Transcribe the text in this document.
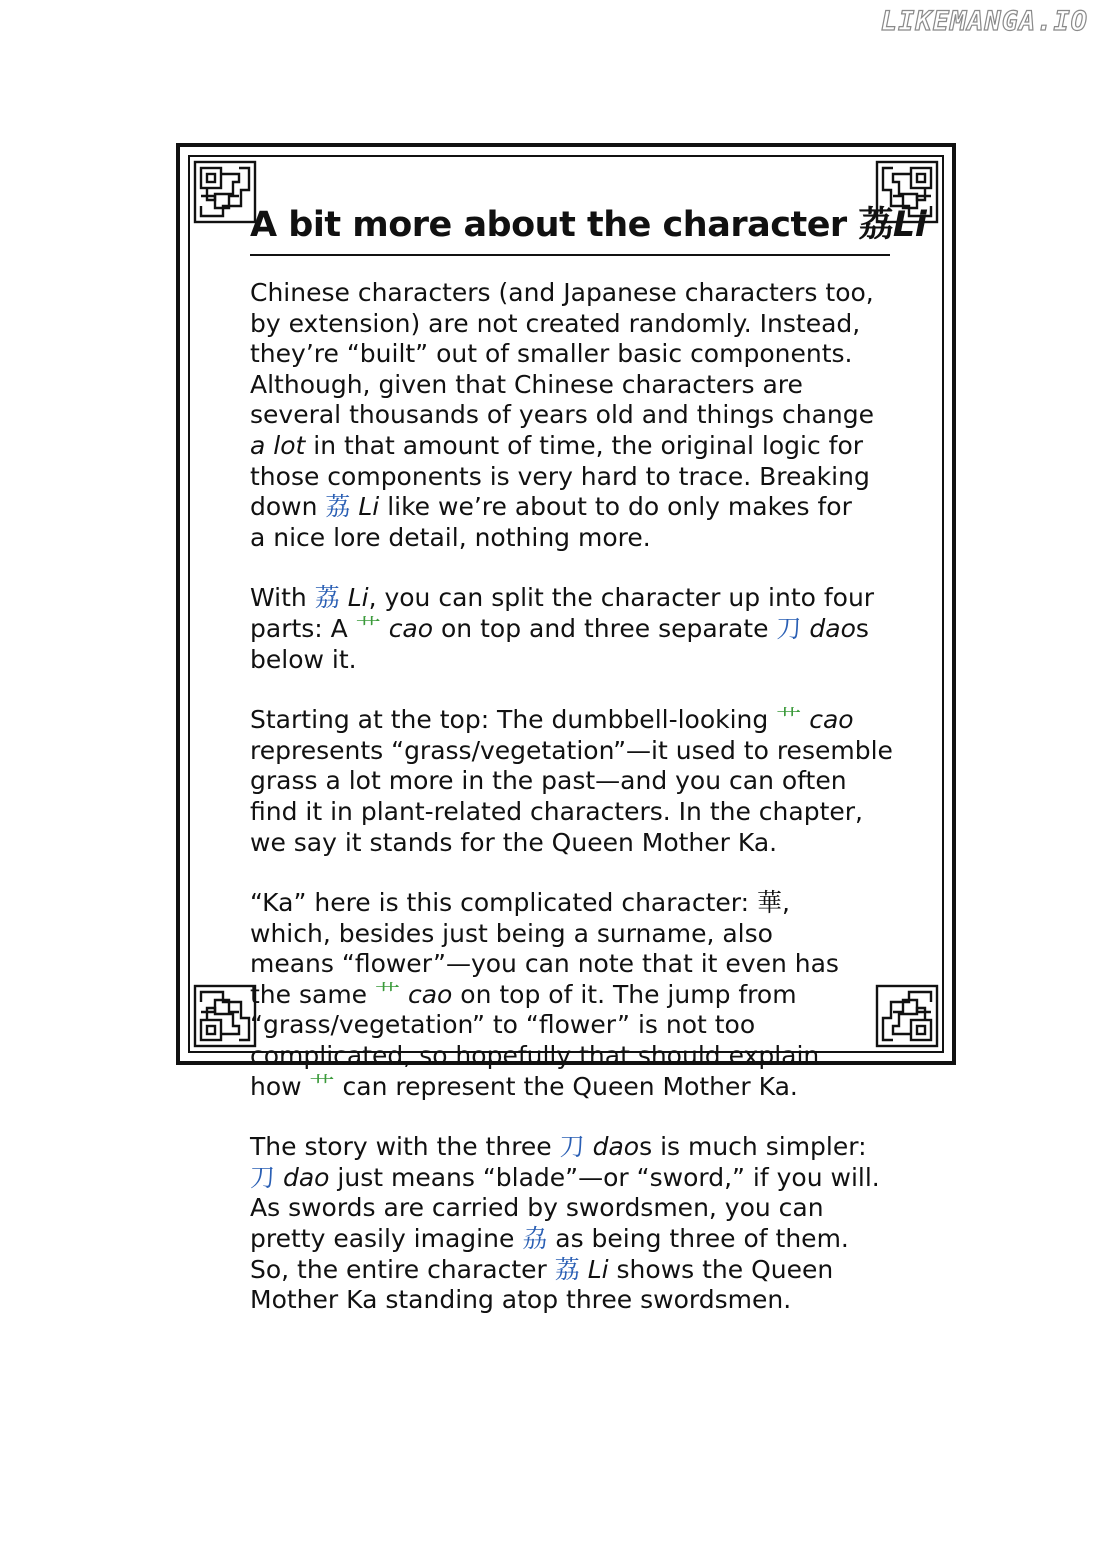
LIKEMANGA.IO
A bit more about the character 荔Li

Chinese characters (and Japanese characters too,
by extension) are not created randomly. Instead,
they’re “built” out of smaller basic components.
Although, given that Chinese characters are
several thousands of years old and things change
a lot in that amount of time, the original logic for
those components is very hard to trace. Breaking
down 荔 Li like we’re about to do only makes for
a nice lore detail, nothing more.

With 荔 Li, you can split the character up into four
parts: A 艹 cao on top and three separate 刀 daos
below it.

Starting at the top: The dumbbell-looking 艹 cao
represents “grass/vegetation”—it used to resemble
grass a lot more in the past—and you can often
find it in plant-related characters. In the chapter,
we say it stands for the Queen Mother Ka.

“Ka” here is this complicated character: 華,
which, besides just being a surname, also
means “flower”—you can note that it even has
the same 艹 cao on top of it. The jump from
“grass/vegetation” to “flower” is not too
complicated, so hopefully that should explain
how 艹 can represent the Queen Mother Ka.

The story with the three 刀 daos is much simpler:
刀 dao just means “blade”—or “sword,” if you will.
As swords are carried by swordsmen, you can
pretty easily imagine 劦 as being three of them.
So, the entire character 荔 Li shows the Queen
Mother Ka standing atop three swordsmen.
